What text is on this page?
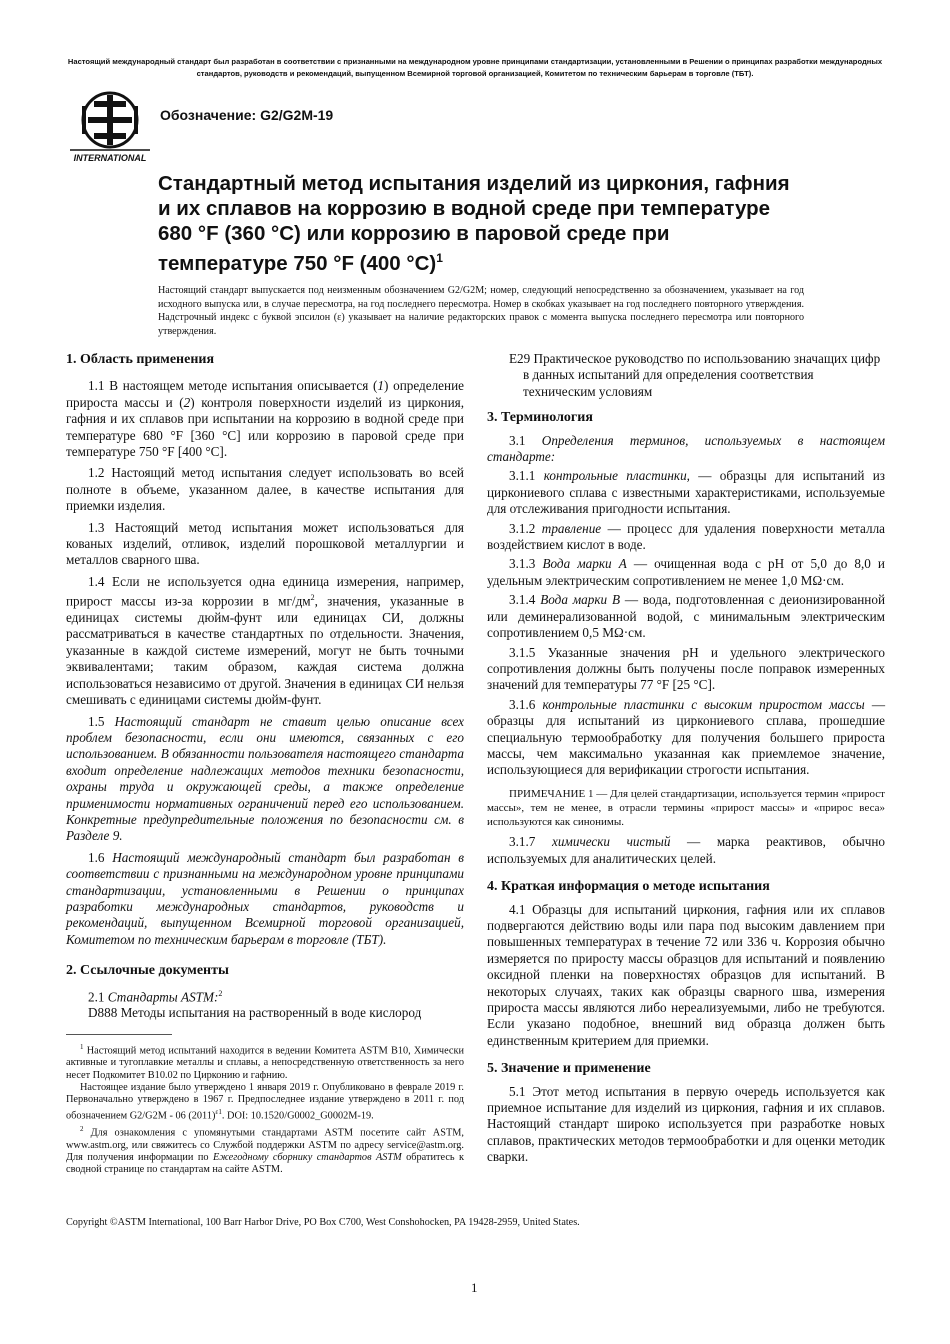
Настоящий международный стандарт был разработан в соответствии с признанными на международном уровне принципами стандартизации, установленными в Решении о принципах разработки международных стандартов, руководств и рекомендаций, выпущенном Всемирной торговой организацией, Комитетом по техническим барьерам в торговле (ТБТ).
INTERNATIONAL
Обозначение: G2/G2M-19
Стандартный метод испытания изделий из циркония, гафния и их сплавов на коррозию в водной среде при температуре 680 °F (360 °C) или коррозию в паровой среде при температуре 750 °F (400 °C)$^1$
Настоящий стандарт выпускается под неизменным обозначением G2/G2M; номер, следующий непосредственно за обозначением, указывает на год исходного выпуска или, в случае пересмотра, на год последнего пересмотра. Номер в скобках указывает на год последнего повторного утверждения. Надстрочный индекс с буквой эпсилон (ε) указывает на наличие редакторских правок с момента выпуска последнего пересмотра или повторного утверждения.
1. Область применения

1.1 В настоящем методе испытания описывается (1) определение прироста массы и (2) контроля поверхности изделий из циркония, гафния и их сплавов при испытании на коррозию в водной среде при температуре 680 °F [360 °C] или коррозию в паровой среде при температуре 750 °F [400 °C].

1.2 Настоящий метод испытания следует использовать во всей полноте в объеме, указанном далее, в качестве испытания для приемки изделия.

1.3 Настоящий метод испытания может использоваться для кованых изделий, отливок, изделий порошковой металлургии и металлов сварного шва.

1.4 Если не используется одна единица измерения, например, прирост массы из-за коррозии в $мг/дм^2$, значения, указанные в единицах системы дюйм-фунт или единицах СИ, должны рассматриваться в качестве стандартных по отдельности. Значения, указанные в каждой системе измерений, могут не быть точными эквивалентами; таким образом, каждая система должна использоваться независимо от другой. Значения в единицах СИ нельзя смешивать с единицами системы дюйм-фунт.

1.5 Настоящий стандарт не ставит целью описание всех проблем безопасности, если они имеются, связанных с его использованием. В обязанности пользователя настоящего стандарта входит определение надлежащих методов техники безопасности, охраны труда и окружающей среды, а также определение применимости нормативных ограничений перед его использованием. Конкретные предупредительные положения по безопасности см. в Разделе 9.

1.6 Настоящий международный стандарт был разработан в соответствии с признанными на международном уровне принципами стандартизации, установленными в Решении о принципах разработки международных стандартов, руководств и рекомендаций, выпущенном Всемирной торговой организацией, Комитетом по техническим барьерам в торговле (ТБТ).

2. Ссылочные документы

2.1 Стандарты ASTM:$^2$

D888 Методы испытания на растворенный в воде кислород

$^1$ Настоящий метод испытаний находится в ведении Комитета ASTM B10, Химически активные и тугоплавкие металлы и сплавы, а непосредственную ответственность за него несет Подкомитет B10.02 по Цирконию и гафнию.

Настоящее издание было утверждено 1 января 2019 г. Опубликовано в феврале 2019 г. Первоначально утверждено в 1967 г. Предпоследнее издание утверждено в 2011 г. под обозначением G2/G2M - 06 $(2011)^{\varepsilon 1}$. DOI: 10.1520/G0002_G0002M-19.

$^2$ Для ознакомления с упомянутыми стандартами ASTM посетите сайт ASTM, www.astm.org, или свяжитесь со Службой поддержки ASTM по адресу service@astm.org. Для получения информации по Ежегодному сборнику стандартов ASTM обратитесь к сводной странице по стандартам на сайте ASTM.

E29 Практическое руководство по использованию значащих цифр в данных испытаний для определения соответствия техническим условиям

3. Терминология

3.1 Определения терминов, используемых в настоящем стандарте:

3.1.1 контрольные пластинки, — образцы для испытаний из циркониевого сплава с известными характеристиками, используемые для отслеживания пригодности испытания.

3.1.2 травление — процесс для удаления поверхности металла воздействием кислот в воде.

3.1.3 Вода марки A — очищенная вода с pH от 5,0 до 8,0 и удельным электрическим сопротивлением не менее 1,0 MΩ·см.

3.1.4 Вода марки B — вода, подготовленная с деионизированной или деминерализованной водой, с минимальным электрическим сопротивлением 0,5 MΩ·см.

3.1.5 Указанные значения pH и удельного электрического сопротивления должны быть получены после поправок измеренных значений для температуры 77 °F [25 °C].

3.1.6 контрольные пластинки с высоким приростом массы — образцы для испытаний из циркониевого сплава, прошедшие специальную термообработку для получения большего прироста массы, чем максимально указанная как приемлемое значение, использующиеся для верификации строгости испытания.

ПРИМЕЧАНИЕ 1 — Для целей стандартизации, используется термин «прирост массы», тем не менее, в отрасли термины «прирост массы» и «прирос веса» используются как синонимы.

3.1.7 химически чистый — марка реактивов, обычно используемых для аналитических целей.

4. Краткая информация о методе испытания

4.1 Образцы для испытаний циркония, гафния или их сплавов подвергаются действию воды или пара под высоким давлением при повышенных температурах в течение 72 или 336 ч. Коррозия обычно измеряется по приросту массы образцов для испытаний и появлению оксидной пленки на поверхностях образцов для испытаний. В некоторых случаях, таких как образцы сварного шва, измерения прироста массы являются либо нереализуемыми, либо не требуются. Если указано подобное, внешний вид образца должен быть единственным критерием для приемки.

5. Значение и применение

5.1 Этот метод испытания в первую очередь используется как приемное испытание для изделий из циркония, гафния и их сплавов. Настоящий стандарт широко используется при разработке новых сплавов, практических методов термообработки и для оценки методик сварки.

Copyright ©ASTM International, 100 Barr Harbor Drive, PO Box C700, West Conshohocken, PA 19428-2959, United States.
1
